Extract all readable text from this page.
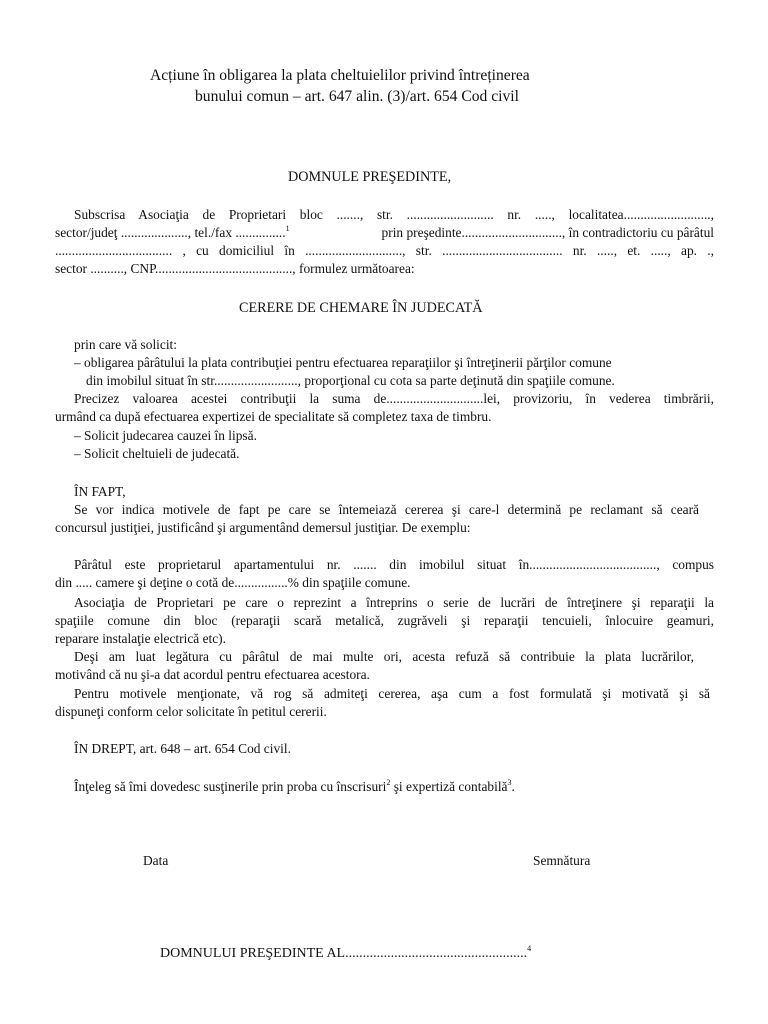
Acțiune în obligarea la plata cheltuielilor privind întreținerea
bunului comun – art. 647 alin. (3)/art. 654 Cod civil
DOMNULE PREŞEDINTE,
Subscrisa Asociaţia de Proprietari bloc ......., str. .......................... nr. ....., localitatea..........................,
sector/judeţ ...................., tel./fax ...............$^1$	prin preşedinte.............................., în contradictoriu cu pârâtul
................................... , cu domiciliul în ............................., str. .................................... nr. ....., et. ....., ap. .,
sector .........., CNP........................................., formulez următoarea:
CERERE DE CHEMARE ÎN JUDECATĂ
prin care vă solicit:
– obligarea pârâtului la plata contribuţiei pentru efectuarea reparaţiilor şi întreţinerii părţilor comune
din imobilul situat în str........................., proporţional cu cota sa parte deţinută din spaţiile comune.
Precizez valoarea acestei contribuţii la suma de.............................lei, provizoriu, în vederea timbrării,
urmând ca după efectuarea expertizei de specialitate să completez taxa de timbru.
– Solicit judecarea cauzei în lipsă.
– Solicit cheltuieli de judecată.
ÎN FAPT,
Se vor indica motivele de fapt pe care se întemeiază cererea şi care-l determină pe reclamant să ceară
concursul justiţiei, justificând şi argumentând demersul justiţiar. De exemplu:
Pârâtul este proprietarul apartamentului nr. ....... din imobilul situat în......................................, compus
din ..... camere şi deţine o cotă de................% din spaţiile comune.
Asociaţia de Proprietari pe care o reprezint a întreprins o serie de lucrări de întreţinere şi reparaţii la
spaţiile comune din bloc (reparaţii scară metalică, zugrăveli şi reparaţii tencuieli, înlocuire geamuri,
reparare instalaţie electrică etc).
Deşi am luat legătura cu pârâtul de mai multe ori, acesta refuză să contribuie la plata lucrărilor,
motivând că nu şi-a dat acordul pentru efectuarea acestora.
Pentru motivele menţionate, vă rog să admiteţi cererea, aşa cum a fost formulată şi motivată şi să
dispuneţi conform celor solicitate în petitul cererii.
ÎN DREPT, art. 648 – art. 654 Cod civil.
Înţeleg să îmi dovedesc susţinerile prin proba cu înscrisuri$^2$ şi expertiză contabilă$^3$.
Data	Semnătura
DOMNULUI PREŞEDINTE AL....................................................$^4$
